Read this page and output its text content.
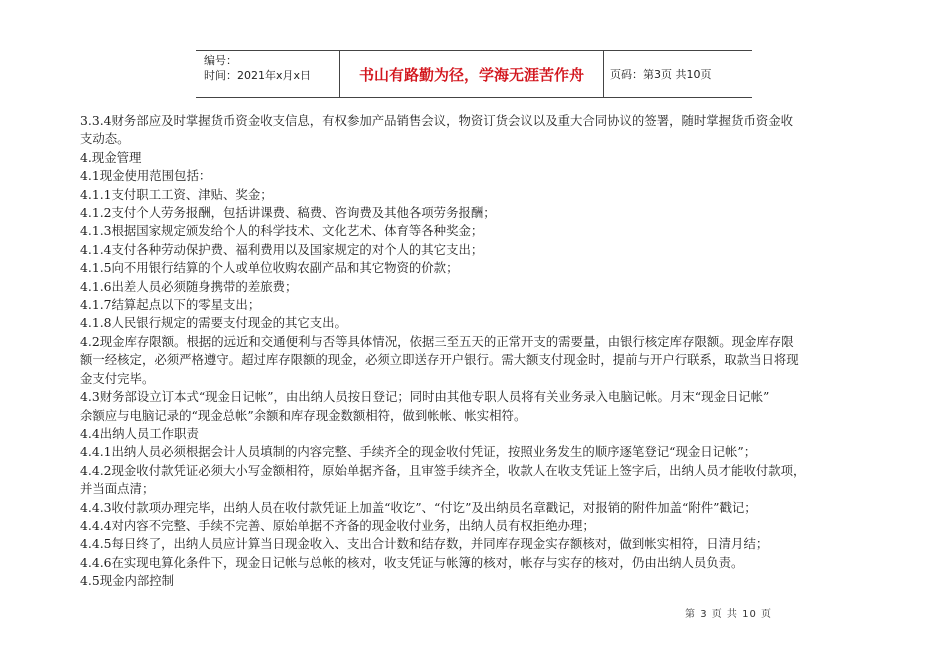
编号：
时间：2021年x月x日	书山有路勤为径，学海无涯苦作舟	页码：第3页 共10页
3.3.4财务部应及时掌握货币资金收支信息，有权参加产品销售会议，物资订货会议以及重大合同协议的签署，随时掌握货币资金收
支动态。
4.现金管理
4.1现金使用范围包括：
4.1.1支付职工工资、津贴、奖金；
4.1.2支付个人劳务报酬，包括讲课费、稿费、咨询费及其他各项劳务报酬；
4.1.3根据国家规定颁发给个人的科学技术、文化艺术、体育等各种奖金；
4.1.4支付各种劳动保护费、福利费用以及国家规定的对个人的其它支出；
4.1.5向不用银行结算的个人或单位收购农副产品和其它物资的价款；
4.1.6出差人员必须随身携带的差旅费；
4.1.7结算起点以下的零星支出；
4.1.8人民银行规定的需要支付现金的其它支出。
4.2现金库存限额。根据的远近和交通便利与否等具体情况，依据三至五天的正常开支的需要量，由银行核定库存限额。现金库存限
额一经核定，必须严格遵守。超过库存限额的现金，必须立即送存开户银行。需大额支付现金时，提前与开户行联系，取款当日将现
金支付完毕。
4.3财务部设立订本式“现金日记帐”，由出纳人员按日登记；同时由其他专职人员将有关业务录入电脑记帐。月末“现金日记帐”
余额应与电脑记录的“现金总帐”余额和库存现金数额相符，做到帐帐、帐实相符。
4.4出纳人员工作职责
4.4.1出纳人员必须根据会计人员填制的内容完整、手续齐全的现金收付凭证，按照业务发生的顺序逐笔登记“现金日记帐”；
4.4.2现金收付款凭证必须大小写金额相符，原始单据齐备，且审签手续齐全，收款人在收支凭证上签字后，出纳人员才能收付款项，
并当面点清；
4.4.3收付款项办理完毕，出纳人员在收付款凭证上加盖“收讫”、“付讫”及出纳员名章戳记，对报销的附件加盖“附件”戳记；
4.4.4对内容不完整、手续不完善、原始单据不齐备的现金收付业务，出纳人员有权拒绝办理；
4.4.5每日终了，出纳人员应计算当日现金收入、支出合计数和结存数，并同库存现金实存额核对，做到帐实相符，日清月结；
4.4.6在实现电算化条件下，现金日记帐与总帐的核对，收支凭证与帐簿的核对，帐存与实存的核对，仍由出纳人员负责。
4.5现金内部控制
第 3 页 共 10 页
